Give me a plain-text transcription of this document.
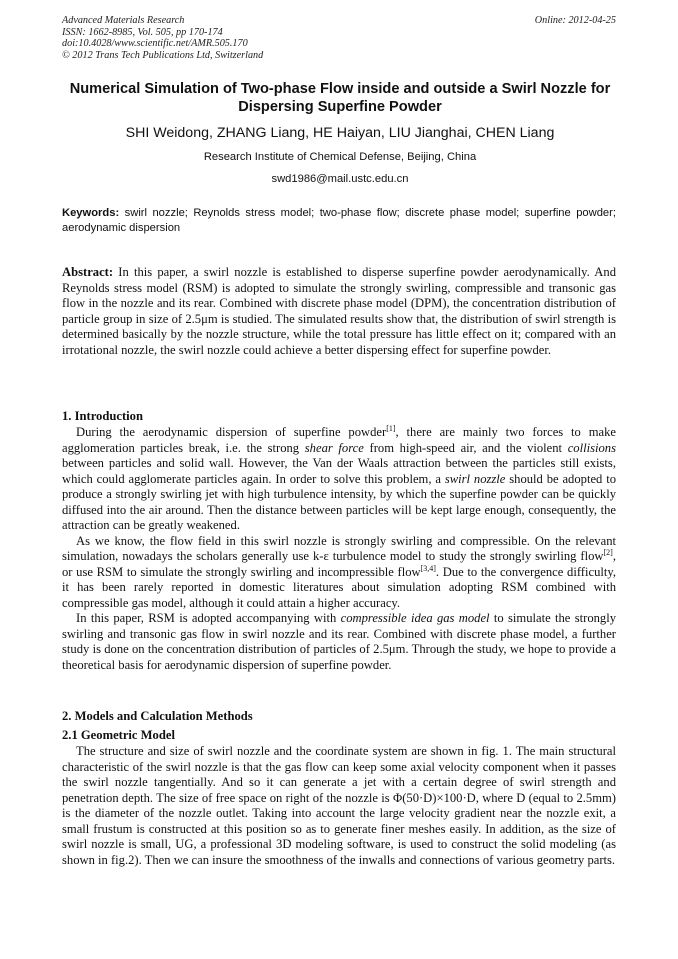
Advanced Materials Research
ISSN: 1662-8985, Vol. 505, pp 170-174
doi:10.4028/www.scientific.net/AMR.505.170
© 2012 Trans Tech Publications Ltd, Switzerland
Online: 2012-04-25
Numerical Simulation of Two-phase Flow inside and outside a Swirl Nozzle for Dispersing Superfine Powder
SHI Weidong, ZHANG Liang, HE Haiyan, LIU Jianghai, CHEN Liang
Research Institute of Chemical Defense, Beijing, China
swd1986@mail.ustc.edu.cn
Keywords: swirl nozzle; Reynolds stress model; two-phase flow; discrete phase model; superfine powder; aerodynamic dispersion
Abstract: In this paper, a swirl nozzle is established to disperse superfine powder aerodynamically. And Reynolds stress model (RSM) is adopted to simulate the strongly swirling, compressible and transonic gas flow in the nozzle and its rear. Combined with discrete phase model (DPM), the concentration distribution of particle group in size of 2.5μm is studied. The simulated results show that, the distribution of swirl strength is determined basically by the nozzle structure, while the total pressure has little effect on it; compared with an irrotational nozzle, the swirl nozzle could achieve a better dispersing effect for superfine powder.
1. Introduction

During the aerodynamic dispersion of superfine powder[1], there are mainly two forces to make agglomeration particles break, i.e. the strong shear force from high-speed air, and the violent collisions between particles and solid wall. However, the Van der Waals attraction between the particles still exists, which could agglomerate particles again. In order to solve this problem, a swirl nozzle should be adopted to produce a strongly swirling jet with high turbulence intensity, by which the superfine powder can be quickly diffused into the air around. Then the distance between particles will be kept large enough, consequently, the attraction can be greatly weakened.

As we know, the flow field in this swirl nozzle is strongly swirling and compressible. On the relevant simulation, nowadays the scholars generally use k-ε turbulence model to study the strongly swirling flow[2], or use RSM to simulate the strongly swirling and incompressible flow[3,4]. Due to the convergence difficulty, it has been rarely reported in domestic literatures about simulation adopting RSM combined with compressible gas model, although it could attain a higher accuracy.

In this paper, RSM is adopted accompanying with compressible idea gas model to simulate the strongly swirling and transonic gas flow in swirl nozzle and its rear. Combined with discrete phase model, a further study is done on the concentration distribution of particles of 2.5μm. Through the study, we hope to provide a theoretical basis for aerodynamic dispersion of superfine powder.

2. Models and Calculation Methods
2.1 Geometric Model

The structure and size of swirl nozzle and the coordinate system are shown in fig. 1. The main structural characteristic of the swirl nozzle is that the gas flow can keep some axial velocity component when it passes the swirl nozzle tangentially. And so it can generate a jet with a certain degree of swirl strength and penetration depth. The size of free space on right of the nozzle is Φ(50·D)×100·D, where D (equal to 2.5mm) is the diameter of the nozzle outlet. Taking into account the large velocity gradient near the nozzle exit, a small frustum is constructed at this position so as to generate finer meshes easily. In addition, as the size of swirl nozzle is small, UG, a professional 3D modeling software, is used to construct the solid modeling (as shown in fig.2). Then we can insure the smoothness of the inwalls and connections of various geometry parts.
